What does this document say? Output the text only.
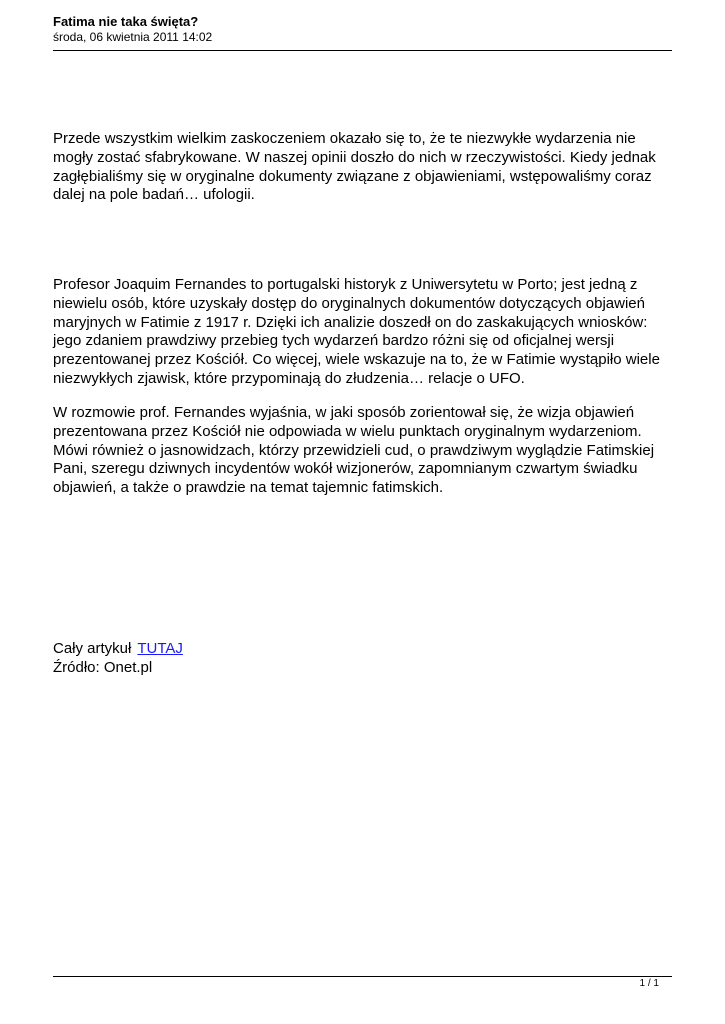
Fatima nie taka święta?

środa, 06 kwietnia 2011 14:02

Przede wszystkim wielkim zaskoczeniem okazało się to, że te niezwykłe wydarzenia nie mogły zostać sfabrykowane. W naszej opinii doszło do nich w rzeczywistości. Kiedy jednak zagłębialiśmy się w oryginalne dokumenty związane z objawieniami, wstępowaliśmy coraz dalej na pole badań… ufologii.

Profesor Joaquim Fernandes to portugalski historyk z Uniwersytetu w Porto; jest jedną z niewielu osób, które uzyskały dostęp do oryginalnych dokumentów dotyczących objawień maryjnych w Fatimie z 1917 r. Dzięki ich analizie doszedł on do zaskakujących wniosków: jego zdaniem prawdziwy przebieg tych wydarzeń bardzo różni się od oficjalnej wersji prezentowanej przez Kościół. Co więcej, wiele wskazuje na to, że w Fatimie wystąpiło wiele niezwykłych zjawisk, które przypominają do złudzenia… relacje o UFO.

W rozmowie prof. Fernandes wyjaśnia, w jaki sposób zorientował się, że wizja objawień prezentowana przez Kościół nie odpowiada w wielu punktach oryginalnym wydarzeniom. Mówi również o jasnowidzach, którzy przewidzieli cud, o prawdziwym wyglądzie Fatimskiej Pani, szeregu dziwnych incydentów wokół wizjonerów, zapomnianym czwartym świadku objawień, a także o prawdzie na temat tajemnic fatimskich.

Cały artykuł TUTAJ
Źródło: Onet.pl
1 / 1
